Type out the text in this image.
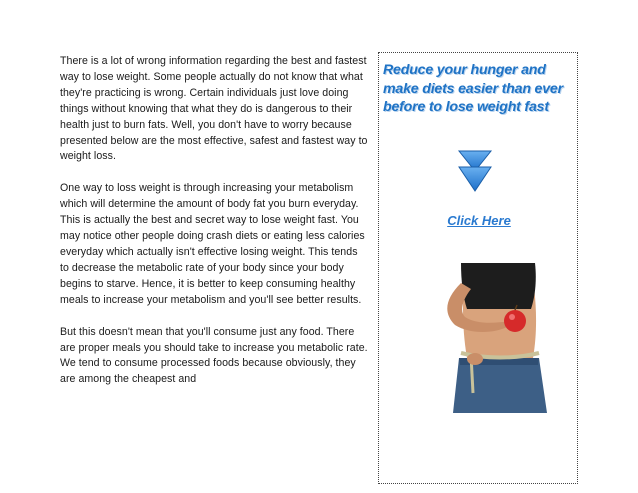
There is a lot of wrong information regarding the best and fastest way to lose weight. Some people actually do not know that what they're practicing is wrong. Certain individuals just love doing things without knowing that what they do is dangerous to their health just to burn fats. Well, you don't have to worry because presented below are the most effective, safest and fastest way to weight loss.

One way to loss weight is through increasing your metabolism which will determine the amount of body fat you burn everyday. This is actually the best and secret way to lose weight fast. You may notice other people doing crash diets or eating less calories everyday which actually isn't effective losing weight. This tends to decrease the metabolic rate of your body since your body begins to starve. Hence, it is better to keep consuming healthy meals to increase your metabolism and you'll see better results.

But this doesn't mean that you'll consume just any food. There are proper meals you should take to increase you metabolic rate. We tend to consume processed foods because obviously, they are among the cheapest and

Reduce your hunger and make diets easier than ever before to lose weight fast
Click Here
